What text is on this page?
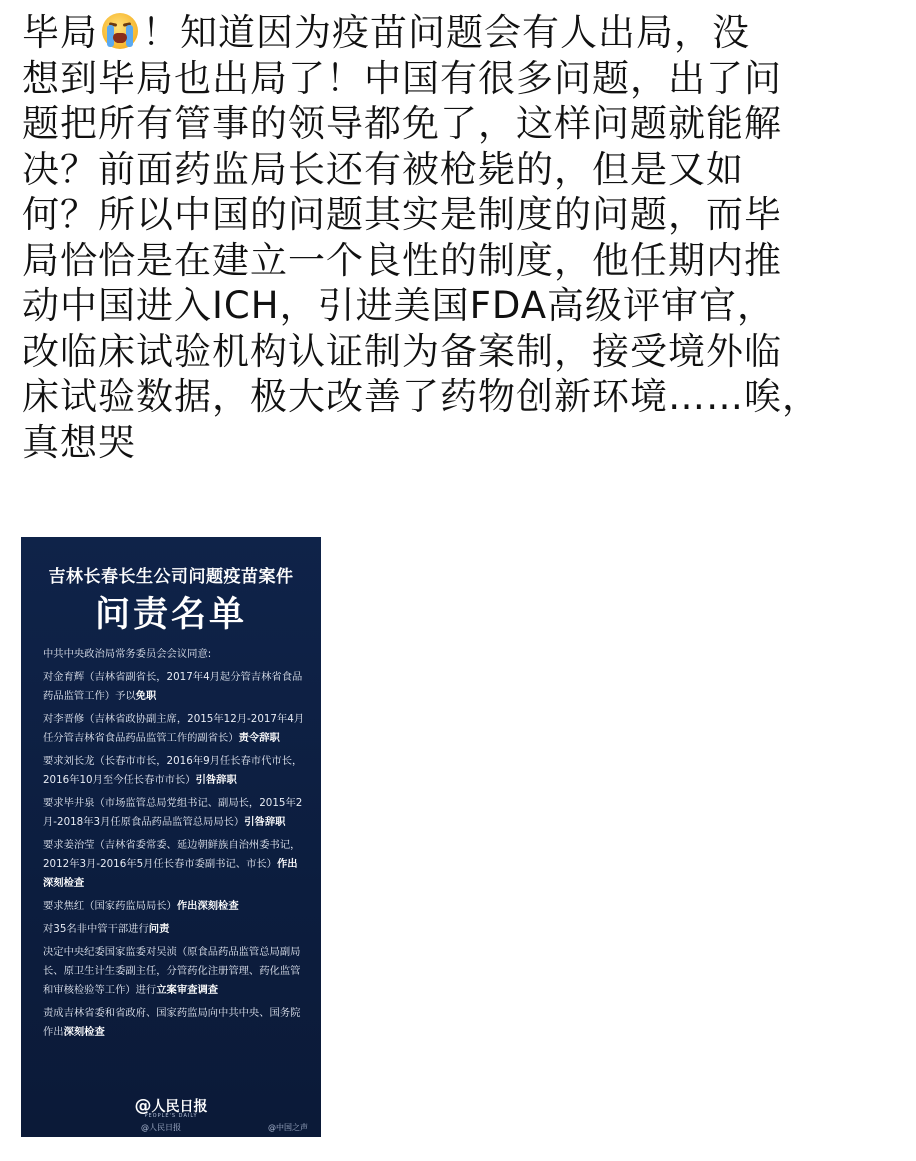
毕局 ！知道因为疫苗问题会有人出局，没
想到毕局也出局了！中国有很多问题，出了问
题把所有管事的领导都免了，这样问题就能解
决？前面药监局长还有被枪毙的，但是又如
何？所以中国的问题其实是制度的问题，而毕
局恰恰是在建立一个良性的制度，他任期内推
动中国进入ICH，引进美国FDA高级评审官，
改临床试验机构认证制为备案制，接受境外临
床试验数据，极大改善了药物创新环境……唉，
真想哭
吉林长春长生公司问题疫苗案件
问责名单
中共中央政治局常务委员会会议同意:
对金育辉（吉林省副省长，2017年4月起分管吉林省食品药品监管工作）予以免职
对李晋修（吉林省政协副主席，2015年12月-2017年4月任分管吉林省食品药品监管工作的副省长）责令辞职
要求刘长龙（长春市市长，2016年9月任长春市代市长，2016年10月至今任长春市市长）引咎辞职
要求毕井泉（市场监管总局党组书记、副局长，2015年2月-2018年3月任原食品药品监管总局局长）引咎辞职
要求姜治莹（吉林省委常委、延边朝鲜族自治州委书记，2012年3月-2016年5月任长春市委副书记、市长）作出深刻检查
要求焦红（国家药监局局长）作出深刻检查
对35名非中管干部进行问责
决定中央纪委国家监委对吴浈（原食品药品监管总局副局长、原卫生计生委副主任，分管药化注册管理、药化监管和审核检验等工作）进行立案审查调查
责成吉林省委和省政府、国家药监局向中共中央、国务院作出深刻检查
@人民日报
PEOPLE'S DAILY
@人民日报	@中国之声
